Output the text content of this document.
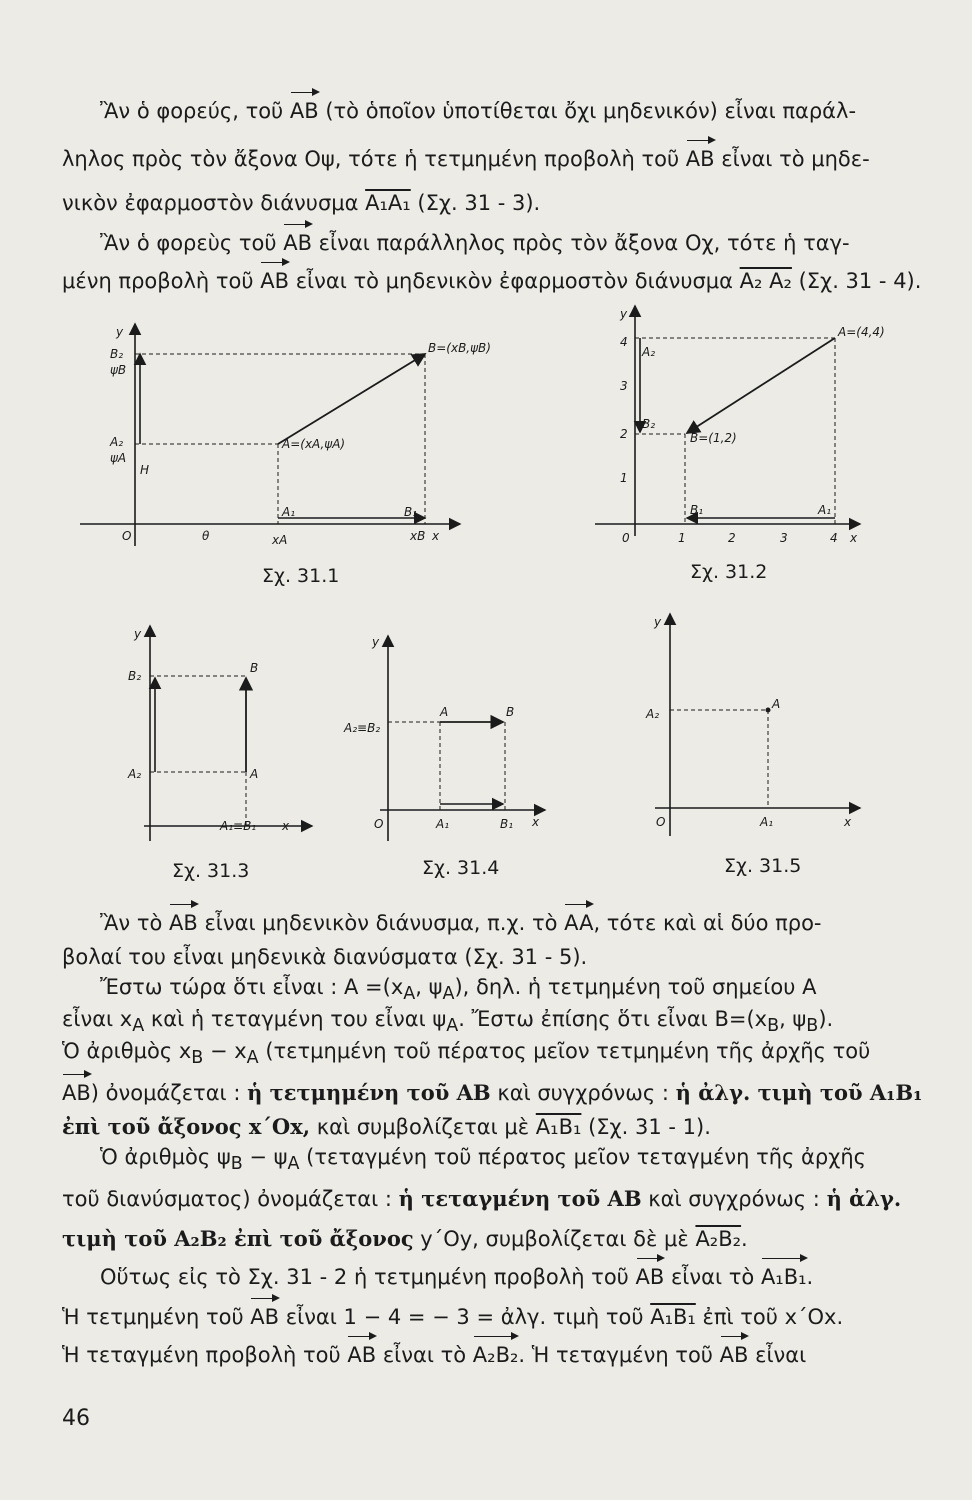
Ἂν ὁ φορεύς, τοῦ AB (τὸ ὁποῖον ὑποτίθεται ὄχι μηδενικόν) εἶναι παράλ-
ληλος πρὸς τὸν ἄξονα Οψ, τότε ἡ τετμημένη προβολὴ τοῦ AB εἶναι τὸ μηδε-
νικὸν ἐφαρμοστὸν διάνυσμα A₁A₁ (Σχ. 31 - 3).
Ἂν ὁ φορεὺς τοῦ AB εἶναι παράλληλος πρὸς τὸν ἄξονα Οχ, τότε ἡ ταγ-
μένη προβολὴ τοῦ AB εἶναι τὸ μηδενικὸν ἐφαρμοστὸν διάνυσμα A₂ A₂ (Σχ. 31 - 4).
y
B₂
ψB
A₂
ψA
H
O	θ	xA
A₁	B₁
xB x
A=(xA,ψA)
B=(xB,ψB)
y
4
3
2
1
A₂
B₂
A=(4,4)
B=(1,2)
0	1	2	3	4
B₁	A₁
x
y
B₂
B
A₂	A
A₁≡B₁ x
y
A₂≡B₂
A	B
O	A₁	B₁ x
y
A₂
A
O	A₁	x
Σχ. 31.1	Σχ. 31.2
Σχ. 31.3	Σχ. 31.4	Σχ. 31.5
Ἂν τὸ AB εἶναι μηδενικὸν διάνυσμα, π.χ. τὸ AA, τότε καὶ αἱ δύο προ-
βολαί του εἶναι μηδενικὰ διανύσματα (Σχ. 31 - 5).
Ἔστω τώρα ὅτι εἶναι : $A =(x_A$, $\psi_A$), δηλ. ἡ τετμημένη τοῦ σημείου A
εἶναι $x_A$ καὶ ἡ τεταγμένη του εἶναι $\psi_A$. Ἔστω ἐπίσης ὅτι εἶναι $B=(x_B$, $\psi_B$).
Ὁ ἀριθμὸς $x_B - x_A$ (τετμημένη τοῦ πέρατος μεῖον τετμημένη τῆς ἀρχῆς τοῦ
AB) ὀνομάζεται : ἡ τετμημένη τοῦ AB καὶ συγχρόνως : ἡ ἀλγ. τιμὴ τοῦ A₁B₁
ἐπὶ τοῦ ἄξονος x΄Οx, καὶ συμβολίζεται μὲ A₁B₁ (Σχ. 31 - 1).
Ὁ ἀριθμὸς $\psi_B - \psi_A$ (τεταγμένη τοῦ πέρατος μεῖον τεταγμένη τῆς ἀρχῆς
τοῦ διανύσματος) ὀνομάζεται : ἡ τεταγμένη τοῦ AB καὶ συγχρόνως : ἡ ἀλγ.
τιμὴ τοῦ A₂B₂ ἐπὶ τοῦ ἄξονος y΄Oy, συμβολίζεται δὲ μὲ A₂B₂.
Οὕτως εἰς τὸ Σχ. 31 - 2 ἡ τετμημένη προβολὴ τοῦ AB εἶναι τὸ A₁B₁.
Ἡ τετμημένη τοῦ AB εἶναι 1 − 4 = − 3 = ἀλγ. τιμὴ τοῦ A₁B₁ ἐπὶ τοῦ x΄Ox.
Ἡ τεταγμένη προβολὴ τοῦ AB εἶναι τὸ A₂B₂. Ἡ τεταγμένη τοῦ AB εἶναι
46
